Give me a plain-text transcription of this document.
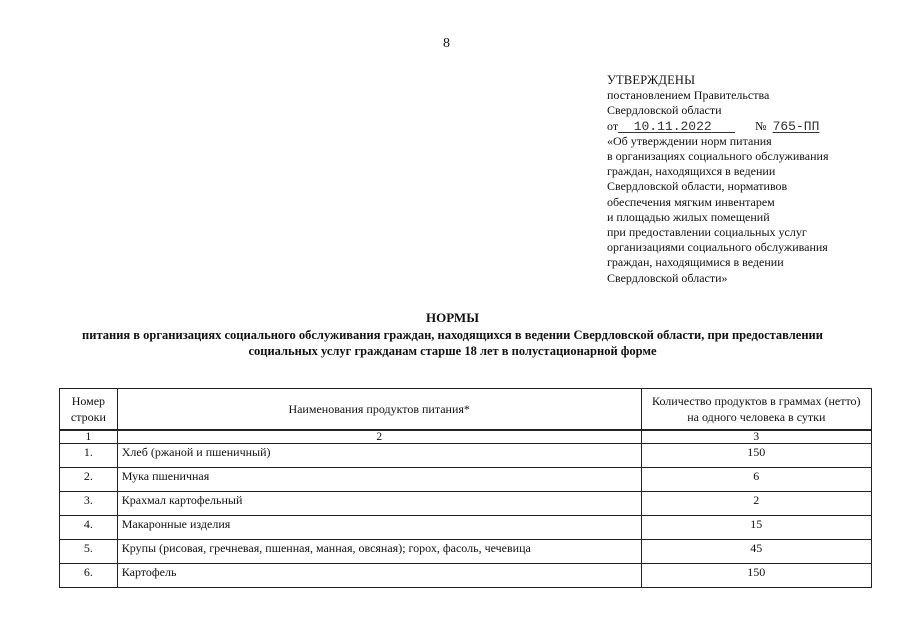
8
УТВЕРЖДЕНЫ
постановлением Правительства
Свердловской области
от 10.11.2022	№ 765-ПП
«Об утверждении норм питания
в организациях социального обслуживания
граждан, находящихся в ведении
Свердловской области, нормативов
обеспечения мягким инвентарем
и площадью жилых помещений
при предоставлении социальных услуг
организациями социального обслуживания
граждан, находящимися в ведении
Свердловской области»
НОРМЫ
питания в организациях социального обслуживания граждан, находящихся в ведении Свердловской области, при предоставлении
социальных услуг гражданам старше 18 лет в полустационарной форме
Номер строки	Наименования продуктов питания*	Количество продуктов в граммах (нетто) на одного человека в сутки
1	2	3
1.	Хлеб (ржаной и пшеничный)	150
2.	Мука пшеничная	6
3.	Крахмал картофельный	2
4.	Макаронные изделия	15
5.	Крупы (рисовая, гречневая, пшенная, манная, овсяная); горох, фасоль, чечевица	45
6.	Картофель	150
